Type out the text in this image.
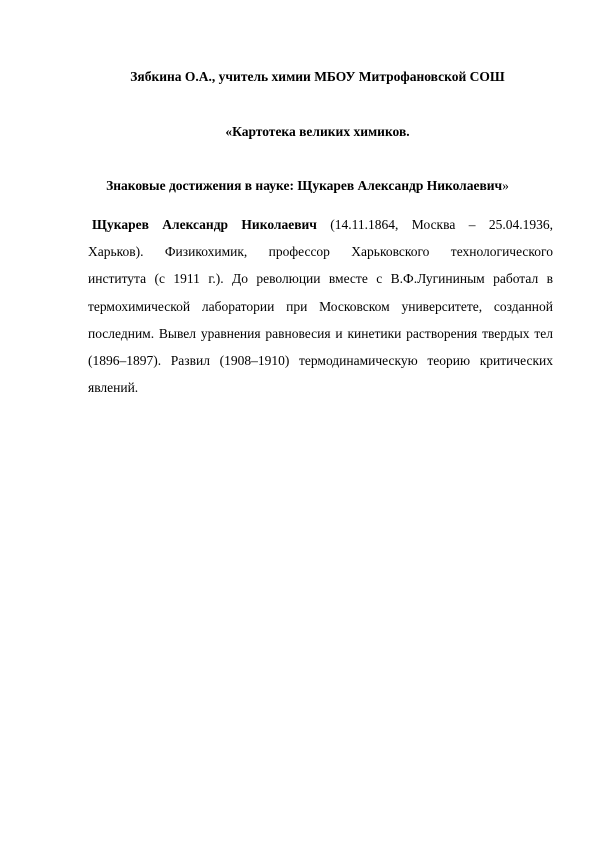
Зябкина О.А., учитель химии МБОУ Митрофановской СОШ
«Картотека великих химиков.
Знаковые достижения в науке: Щукарев Александр Николаевич»
Щукарев Александр Николаевич (14.11.1864, Москва – 25.04.1936,
Харьков). Физикохимик, профессор Харьковского технологического
института (с 1911 г.). До революции вместе с В.Ф.Лугининым работал в
термохимической лаборатории при Московском университете, созданной
последним. Вывел уравнения равновесия и кинетики растворения твердых тел
(1896–1897). Развил (1908–1910) термодинамическую теорию критических
явлений.
